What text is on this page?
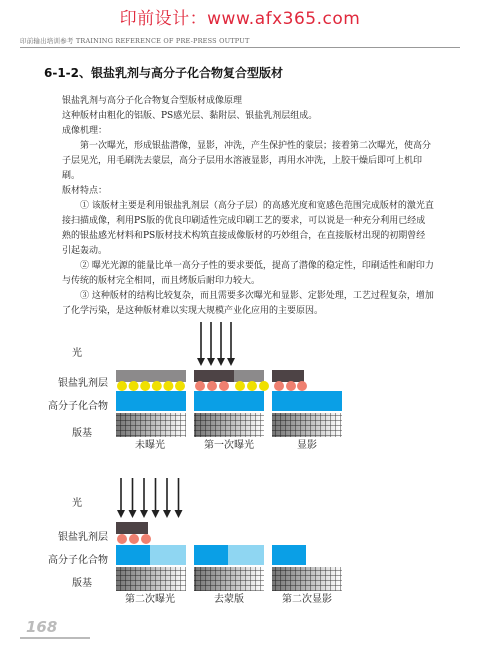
印前设计：www.afx365.com
印前输出培训参考 TRAINING REFERENCE OF PRE-PRESS OUTPUT
6-1-2、银盐乳剂与高分子化合物复合型版材

银盐乳剂与高分子化合物复合型版材成像原理

这种版材由粗化的铝版、PS感光层、黏附层、银盐乳剂层组成。

成像机理：

第一次曝光，形成银盐潜像，显影，冲洗，产生保护性的蒙层；接着第二次曝光，使高分子层见光，用毛刷洗去蒙层，高分子层用水溶液显影，再用水冲洗，上胶干燥后即可上机印刷。

版材特点：

① 该版材主要是利用银盐乳剂层（高分子层）的高感光度和宽感色范围完成版材的激光直接扫描成像，利用PS版的优良印刷适性完成印刷工艺的要求，可以说是一种充分利用已经成熟的银盐感光材料和PS版材技术构筑直接成像版材的巧妙组合，在直接版材出现的初期曾经引起轰动。

② 曝光光源的能量比单一高分子性的要求要低，提高了潜像的稳定性，印刷适性和耐印力与传统的版材完全相同，而且烤版后耐印力较大。

③ 这种版材的结构比较复杂，而且需要多次曝光和显影、定影处理，工艺过程复杂，增加了化学污染，是这种版材难以实现大规模产业化应用的主要原因。

光
银盐乳剂层
高分子化合物
版基
未曝光	第一次曝光	显影
光
银盐乳剂层
高分子化合物
版基
第二次曝光	去蒙版	第二次显影
168
